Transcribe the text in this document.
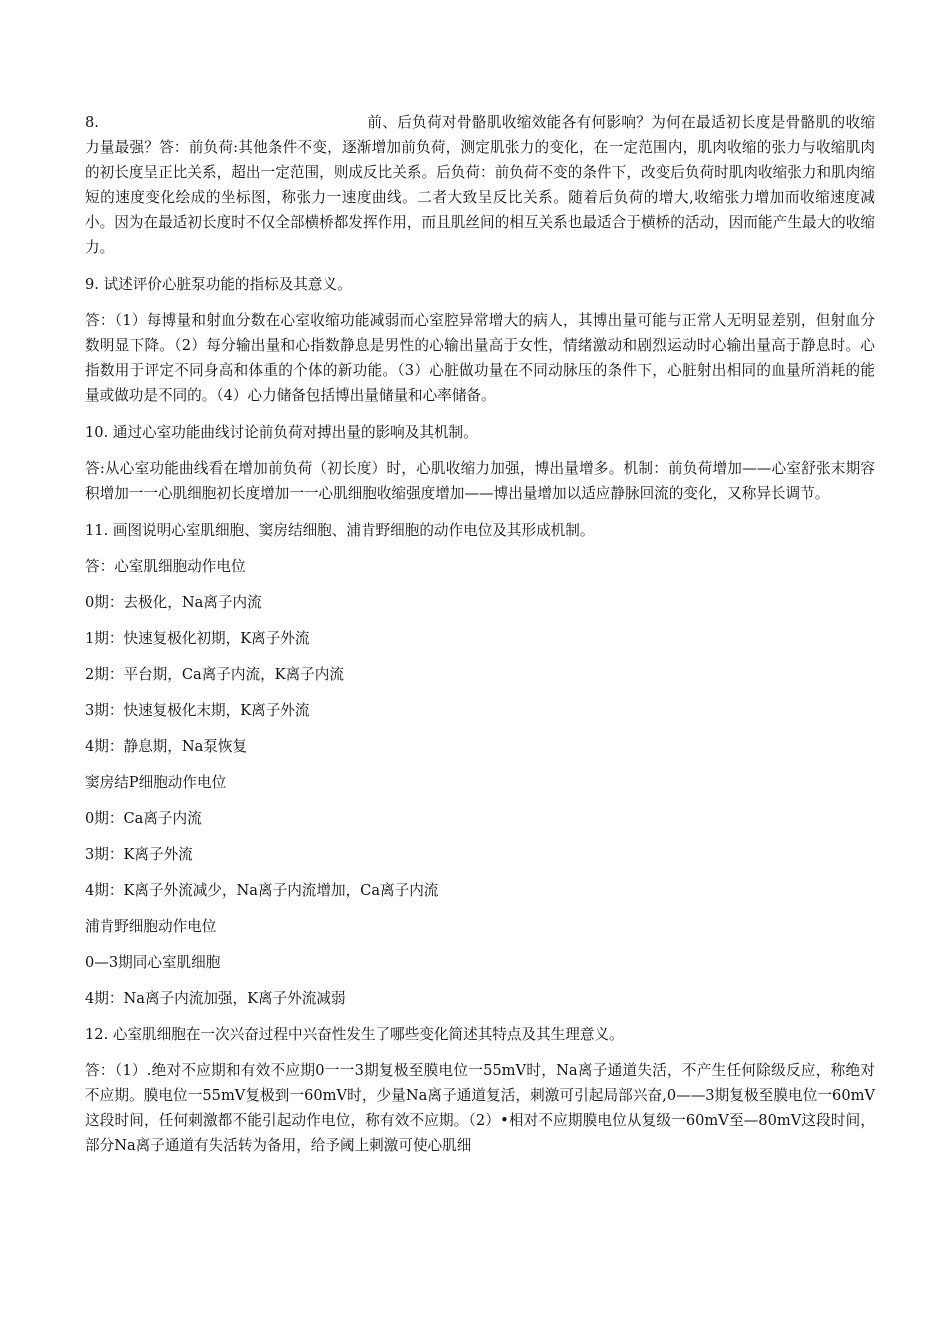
8.	前、后负荷对骨骼肌收缩效能各有何影响？为何在最适初长度是骨骼肌的收缩力量最强？答：前负荷:其他条件不变，逐渐增加前负荷，测定肌张力的变化，在一定范围内，肌肉收缩的张力与收缩肌肉的初长度呈正比关系，超出一定范围，则成反比关系。后负荷：前负荷不变的条件下，改变后负荷时肌肉收缩张力和肌肉缩短的速度变化绘成的坐标图，称张力一速度曲线。二者大致呈反比关系。随着后负荷的增大,收缩张力增加而收缩速度减小。因为在最适初长度时不仅全部横桥都发挥作用，而且肌丝间的相互关系也最适合于横桥的活动，因而能产生最大的收缩力。

9. 试述评价心脏泵功能的指标及其意义。

答：（1）每博量和射血分数在心室收缩功能减弱而心室腔异常增大的病人，其博出量可能与正常人无明显差别，但射血分数明显下降。（2）每分输出量和心指数静息是男性的心输出量高于女性，情绪激动和剧烈运动时心输出量高于静息时。心指数用于评定不同身高和体重的个体的新功能。（3）心脏做功量在不同动脉压的条件下，心脏射出相同的血量所消耗的能量或做功是不同的。（4）心力储备包括博出量储量和心率储备。

10. 通过心室功能曲线讨论前负荷对搏出量的影响及其机制。

答:从心室功能曲线看在增加前负荷（初长度）时，心肌收缩力加强，博出量增多。机制：前负荷增加——心室舒张末期容积增加一一心肌细胞初长度增加一一心肌细胞收缩强度增加——博出量增加以适应静脉回流的变化，又称异长调节。

11. 画图说明心室肌细胞、窦房结细胞、浦肯野细胞的动作电位及其形成机制。

答：心室肌细胞动作电位

0期：去极化，Na离子内流

1期：快速复极化初期，K离子外流

2期：平台期，Ca离子内流，K离子内流

3期：快速复极化末期，K离子外流

4期：静息期，Na泵恢复

窦房结P细胞动作电位

0期：Ca离子内流

3期：K离子外流

4期：K离子外流减少，Na离子内流增加，Ca离子内流

浦肯野细胞动作电位

0—3期同心室肌细胞

4期：Na离子内流加强，K离子外流减弱

12. 心室肌细胞在一次兴奋过程中兴奋性发生了哪些变化简述其特点及其生理意义。

答：（1）.绝对不应期和有效不应期0一一3期复极至膜电位一55mV时，Na离子通道失活，不产生任何除级反应，称绝对不应期。膜电位一55mV复极到一60mV时，少量Na离子通道复活，刺激可引起局部兴奋,0——3期复极至膜电位一60mV这段时间，任何刺激都不能引起动作电位，称有效不应期。（2）•相对不应期膜电位从复级一60mV至—80mV这段时间，部分Na离子通道有失活转为备用，给予阈上刺激可使心肌细
